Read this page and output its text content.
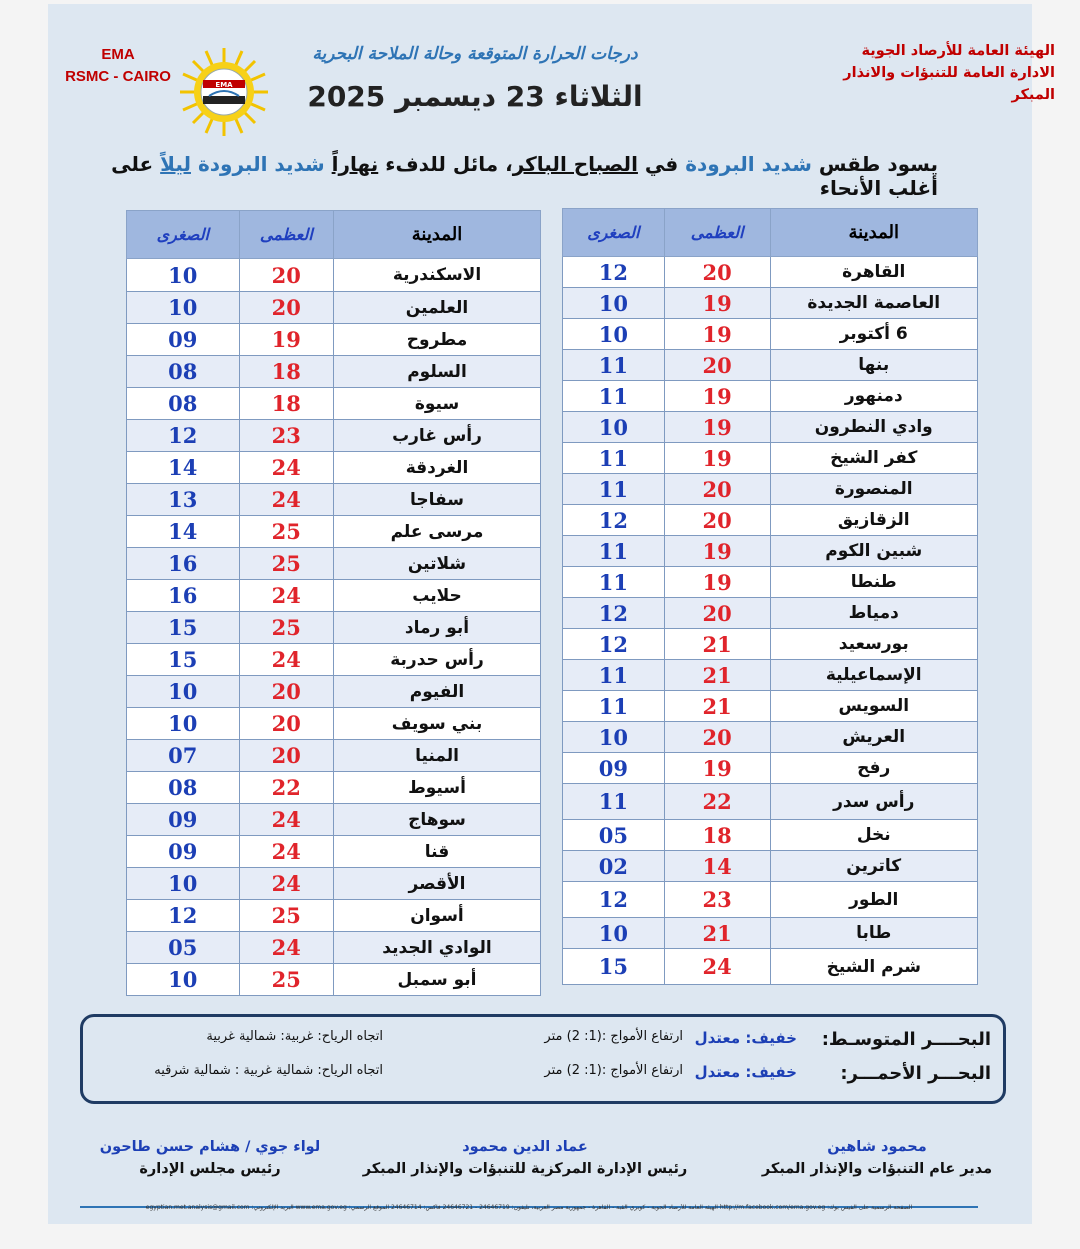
EMA
RSMC - CAIRO	EMA
درجات الحرارة المتوقعة وحالة الملاحة البحرية
الثلاثاء 23 ديسمبر 2025
الهيئة العامة للأرصاد الجوية
الادارة العامة للتنبؤات والانذار المبكر
يسود طقس شديد البرودة في الصباح الباكر، مائل للدفء نهاراً شديد البرودة ليلاً على أغلب الأنحاء
المدينة	العظمى	الصغرى
القاهرة	20	12
العاصمة الجديدة	19	10
6 أكتوبر	19	10
بنها	20	11
دمنهور	19	11
وادي النطرون	19	10
كفر الشيخ	19	11
المنصورة	20	11
الزقازيق	20	12
شبين الكوم	19	11
طنطا	19	11
دمياط	20	12
بورسعيد	21	12
الإسماعيلية	21	11
السويس	21	11
العريش	20	10
رفح	19	09
رأس سدر	22	11
نخل	18	05
كاترين	14	02
الطور	23	12
طابا	21	10
شرم الشيخ	24	15
المدينة	العظمى	الصغرى
الاسكندرية	20	10
العلمين	20	10
مطروح	19	09
السلوم	18	08
سيوة	18	08
رأس غارب	23	12
الغردقة	24	14
سفاجا	24	13
مرسى علم	25	14
شلاتين	25	16
حلايب	24	16
أبو رماد	25	15
رأس حدربة	24	15
الفيوم	20	10
بني سويف	20	10
المنيا	20	07
أسيوط	22	08
سوهاج	24	09
قنا	24	09
الأقصر	24	10
أسوان	25	12
الوادي الجديد	24	05
أبو سمبل	25	10
البحــــر المتوسـط:
خفيف: معتدل
ارتفاع الأمواج :(1: 2) متر
اتجاه الرياح: غربية: شمالية غربية
البحـــر الأحمـــر:
خفيف: معتدل
ارتفاع الأمواج :(1: 2) متر
اتجاه الرياح: شمالية غربية : شمالية شرقيه
محمود شاهين
مدير عام التنبؤات والإنذار المبكر
عماد الدين محمود
رئيس الإدارة المركزية للتنبؤات والإنذار المبكر
لواء جوي / هشام حسن طاحون
رئيس مجلس الإدارة
الصفحة الرسمية على الفيس بوك: http://m.facebook.com/ema.gov.eg الهيئة العامة للأرصاد الجوية - كوبري القبة - القاهرة - جمهورية مصر العربية، تليفون: 24646719 - 24646721 فاكس: 24646714 الموقع الرسمي: www.ema.gov.eg البريد الإلكتروني: egyptian.met.analysis@gmail.com
